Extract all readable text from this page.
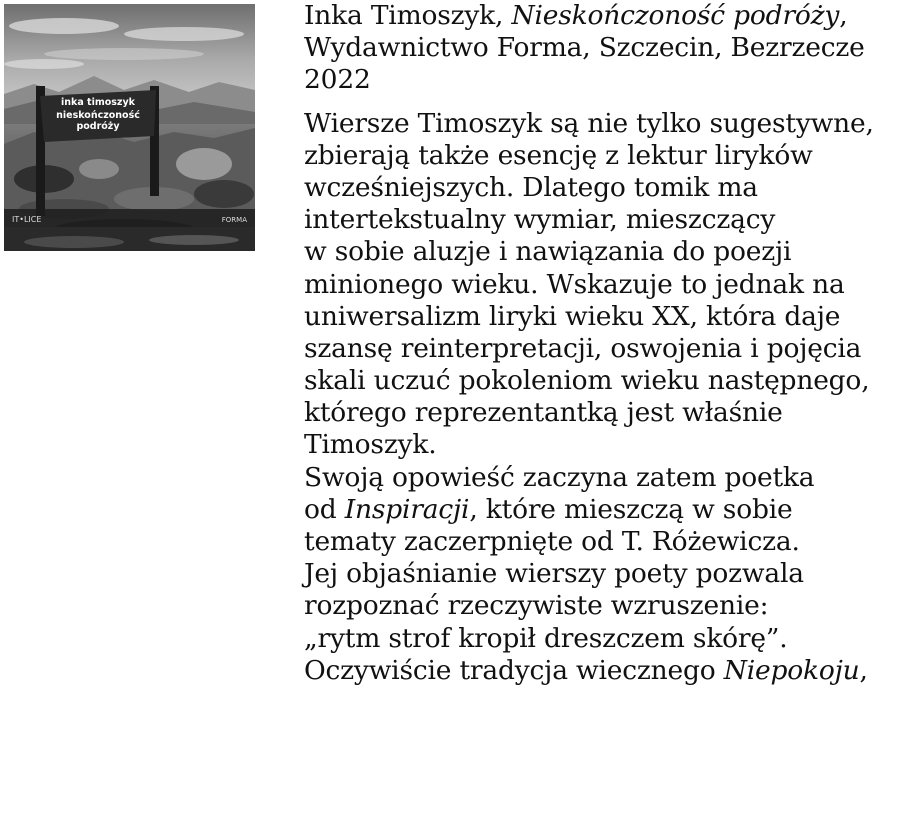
inka timoszyk
nieskończoność
podróży
IT•LICE	FORMA
Inka Timoszyk, Nieskończoność podróży,
Wydawnictwo Forma, Szczecin, Bezrzecze
2022
Wiersze Timoszyk są nie tylko sugestywne,
zbierają także esencję z lektur liryków
wcześniejszych. Dlatego tomik ma
intertekstualny wymiar, mieszczący
w sobie aluzje i nawiązania do poezji
minionego wieku. Wskazuje to jednak na
uniwersalizm liryki wieku XX, która daje
szansę reinterpretacji, oswojenia i pojęcia
skali uczuć pokoleniom wieku następnego,
którego reprezentantką jest właśnie
Timoszyk.
Swoją opowieść zaczyna zatem poetka
od Inspiracji, które mieszczą w sobie
tematy zaczerpnięte od T. Różewicza.
Jej objaśnianie wierszy poety pozwala
rozpoznać rzeczywiste wzruszenie:
„rytm strof kropił dreszczem skórę”.
Oczywiście tradycja wiecznego Niepokoju,
